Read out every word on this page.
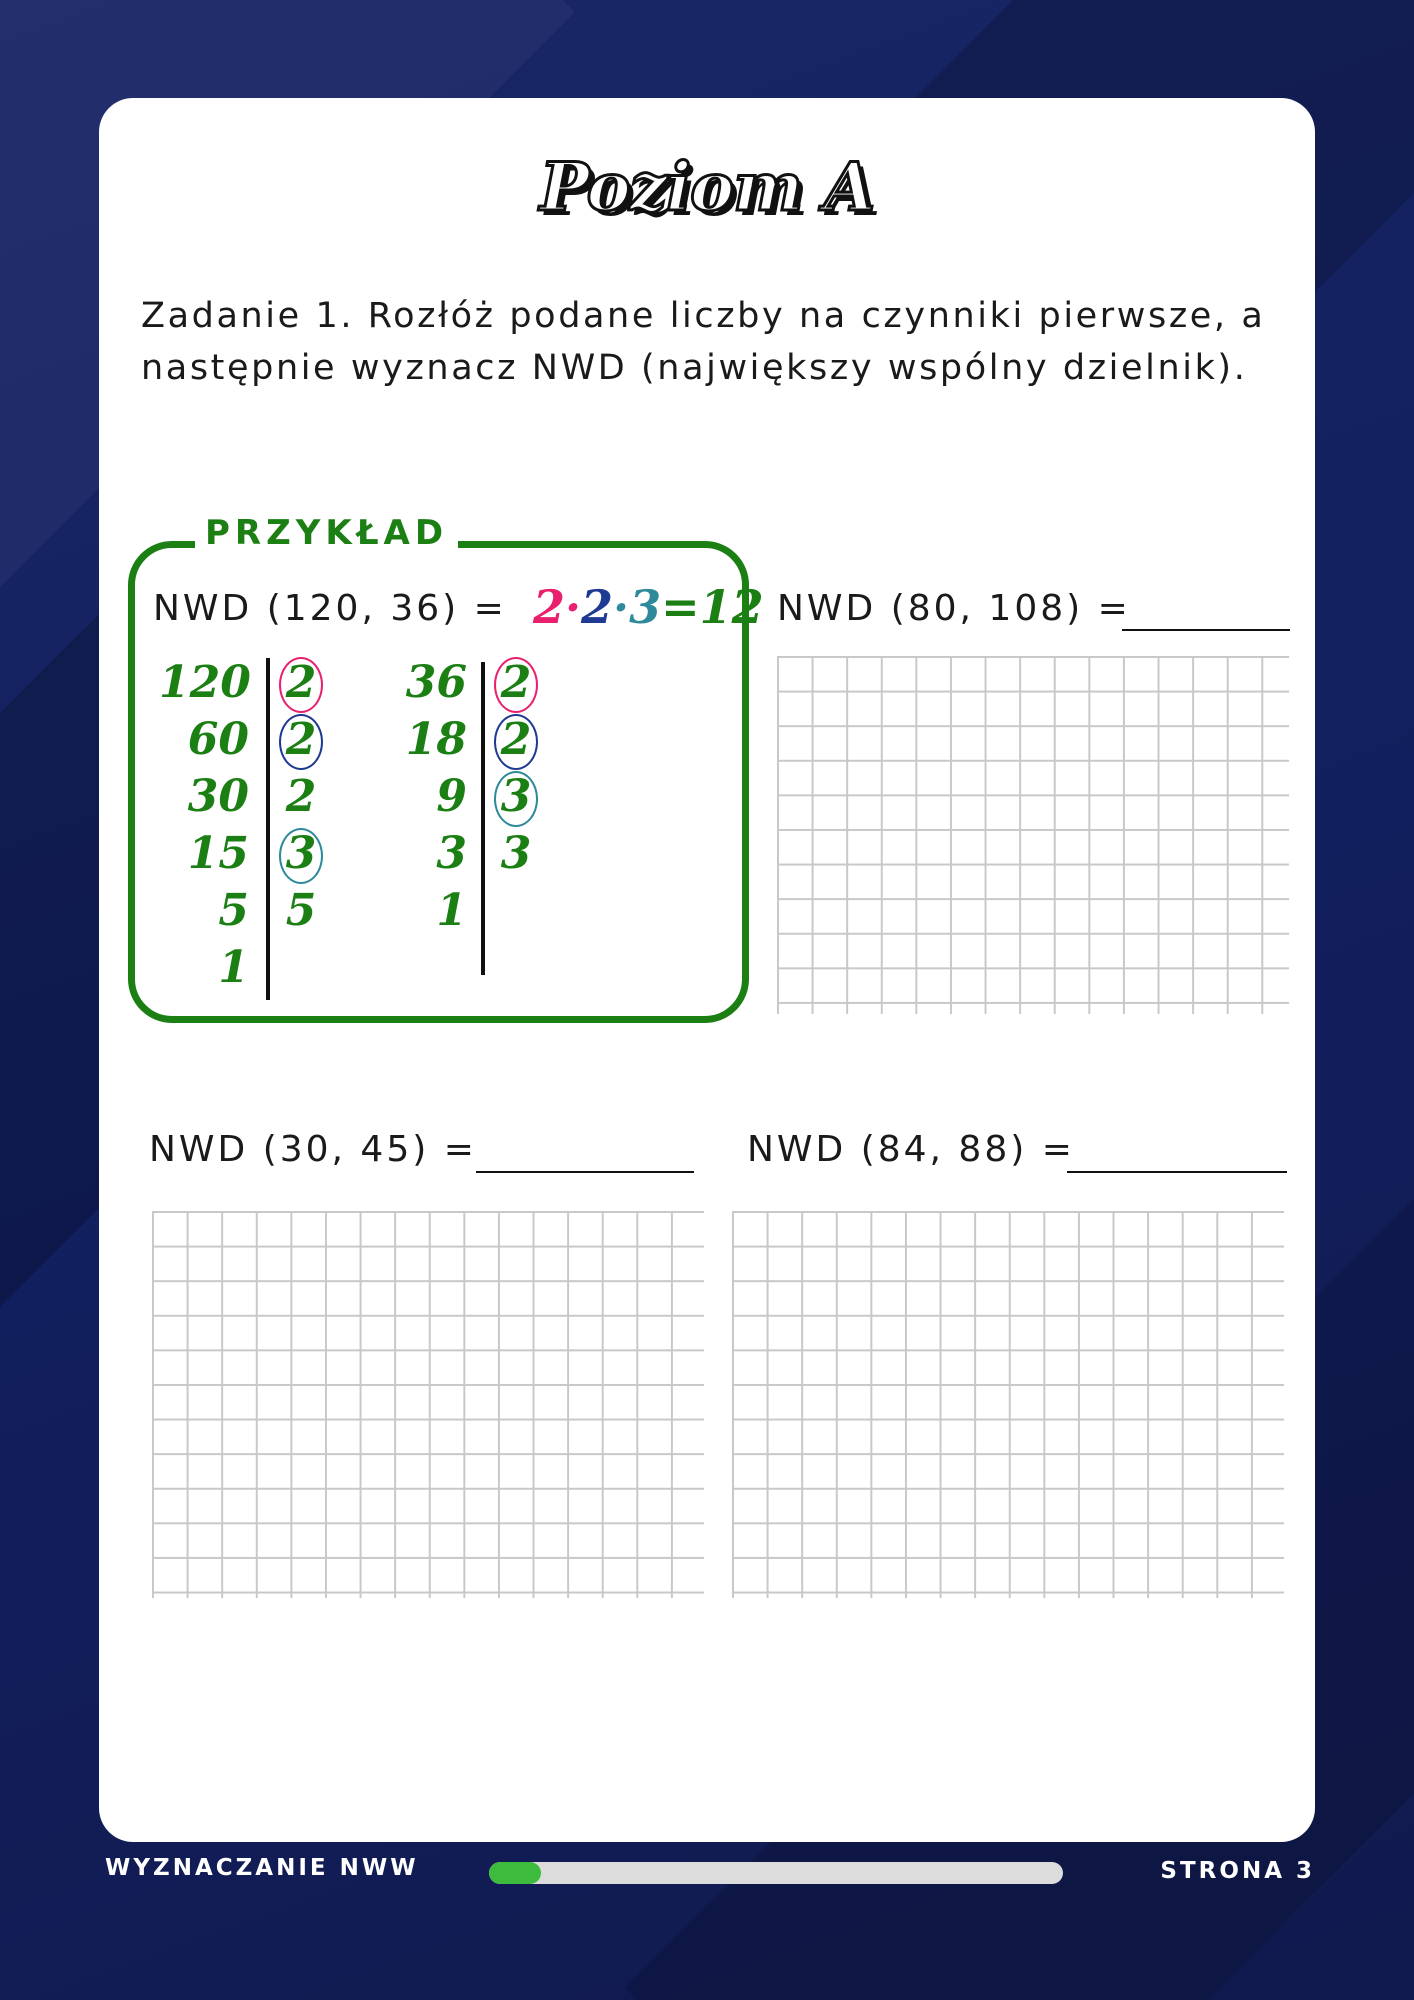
Poziom A
Zadanie 1. Rozłóż podane liczby na czynniki pierwsze, a następnie wyznacz NWD (największy wspólny dzielnik).
PRZYKŁAD
NWD (120, 36) = 2·2·3=12
120
60
30
15
5
1
2
2
2
3
5
36
18
9
3
1
2
2
3
3
NWD (80, 108) =
NWD (30, 45) =	NWD (84, 88) =
WYZNACZANIE NWW	STRONA 3
